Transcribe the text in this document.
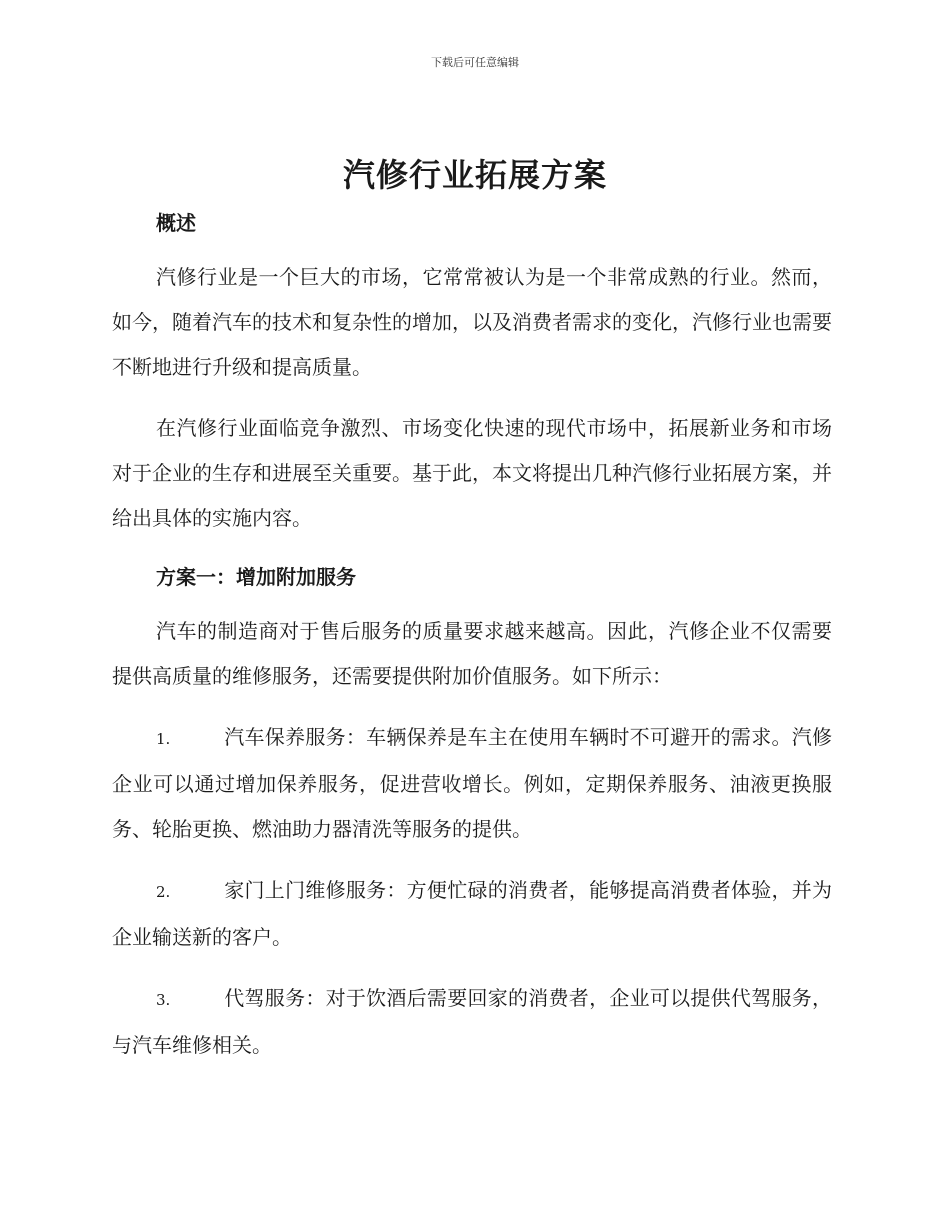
下载后可任意编辑
汽修行业拓展方案
概述

汽修行业是一个巨大的市场，它常常被认为是一个非常成熟的行业。然而，如今，随着汽车的技术和复杂性的增加，以及消费者需求的变化，汽修行业也需要不断地进行升级和提高质量。

在汽修行业面临竞争激烈、市场变化快速的现代市场中，拓展新业务和市场对于企业的生存和进展至关重要。基于此，本文将提出几种汽修行业拓展方案，并给出具体的实施内容。

方案一：增加附加服务

汽车的制造商对于售后服务的质量要求越来越高。因此，汽修企业不仅需要提供高质量的维修服务，还需要提供附加价值服务。如下所示：

1.	汽车保养服务：车辆保养是车主在使用车辆时不可避开的需求。汽修企业可以通过增加保养服务，促进营收增长。例如，定期保养服务、油液更换服务、轮胎更换、燃油助力器清洗等服务的提供。

2.	家门上门维修服务：方便忙碌的消费者，能够提高消费者体验，并为企业输送新的客户。

3.	代驾服务：对于饮酒后需要回家的消费者，企业可以提供代驾服务，与汽车维修相关。
